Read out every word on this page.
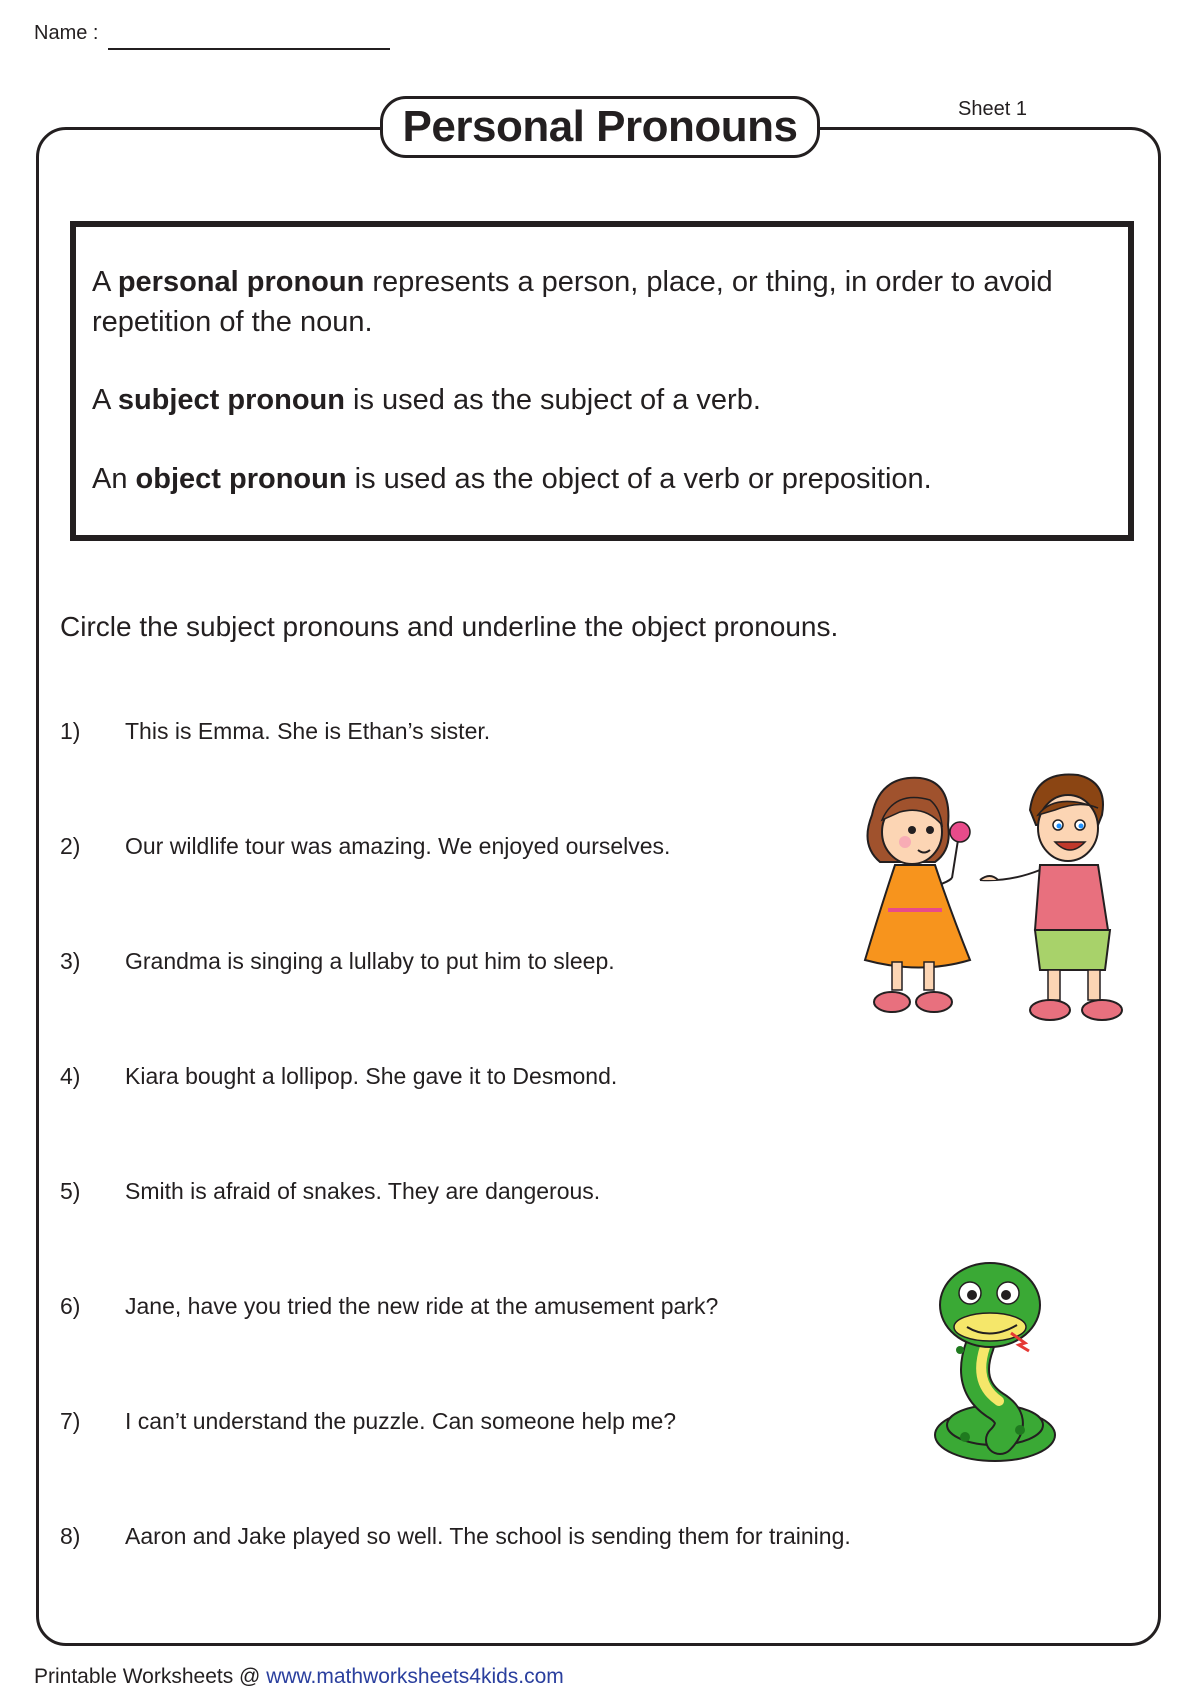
Name :
Personal Pronouns	Sheet 1
A personal pronoun represents a person, place, or thing, in order to avoid repetition of the noun.
A subject pronoun is used as the subject of a verb.
An object pronoun is used as the object of a verb or preposition.
Circle the subject pronouns and underline the object pronouns.
1) This is Emma. She is Ethan’s sister.
2) Our wildlife tour was amazing. We enjoyed ourselves.
3) Grandma is singing a lullaby to put him to sleep.
4) Kiara bought a lollipop. She gave it to Desmond.
5) Smith is afraid of snakes. They are dangerous.
6) Jane, have you tried the new ride at the amusement park?
7) I can’t understand the puzzle. Can someone help me?
8) Aaron and Jake played so well. The school is sending them for training.
Printable Worksheets @ www.mathworksheets4kids.com
